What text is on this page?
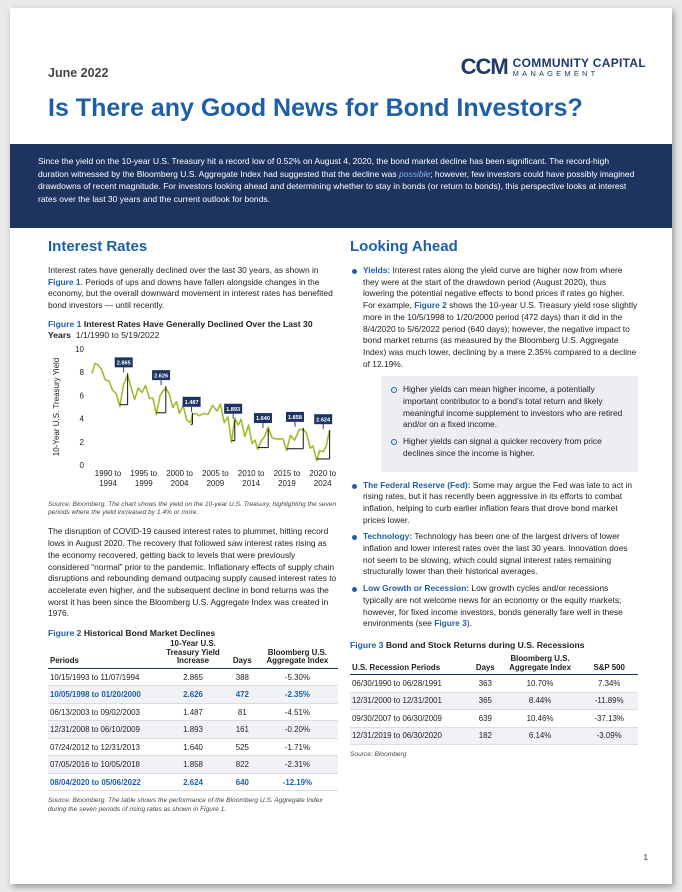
June 2022	CCM COMMUNITY CAPITAL
MANAGEMENT
Is There any Good News for Bond Investors?
Since the yield on the 10-year U.S. Treasury hit a record low of 0.52% on August 4, 2020, the bond market decline has been significant. The record-high duration witnessed by the Bloomberg U.S. Aggregate Index had suggested that the decline was possible; however, few investors could have possibly imagined drawdowns of recent magnitude. For investors looking ahead and determining whether to stay in bonds (or return to bonds), this perspective looks at interest rates over the last 30 years and the current outlook for bonds.
Interest Rates

Interest rates have generally declined over the last 30 years, as shown in Figure 1. Periods of ups and downs have fallen alongside changes in the economy, but the overall downward movement in interest rates has benefited bond investors — until recently.

Figure 1 Interest Rates Have Generally Declined Over the Last 30 Years 1/1/1990 to 5/19/2022
10-Year U.S. Treasury Yield
0
2
4
6
8
10
1990 to
1994
1995 to
1999
2000 to
2004
2005 to
2009
2010 to
2014
2015 to
2019
2020 to
2024
2.865
2.626
1.487
1.893
1.640	1.858	2.624
Source: Bloomberg. The chart shows the yield on the 10-year U.S. Treasury, highlighting the seven periods where the yield increased by 1.4% or more.

The disruption of COVID-19 caused interest rates to plummet, hitting record lows in August 2020. The recovery that followed saw interest rates rising as the economy recovered, getting back to levels that were previously considered “normal” prior to the pandemic. Inflationary effects of supply chain disruptions and rebounding demand outpacing supply caused interest rates to accelerate even higher, and the subsequent decline in bond returns was the worst it has been since the Bloomberg U.S. Aggregate Index was created in 1976.

Figure 2 Historical Bond Market Declines
Periods	10-Year U.S. Treasury Yield Increase	Days	Bloomberg U.S. Aggregate Index
10/15/1993 to 11/07/1994	2.865	388	-5.30%
10/05/1998 to 01/20/2000	2.626	472	-2.35%
06/13/2003 to 09/02/2003	1.487	81	-4.51%
12/31/2008 to 06/10/2009	1.893	161	-0.20%
07/24/2012 to 12/31/2013	1.640	525	-1.71%
07/05/2016 to 10/05/2018	1.858	822	-2.31%
08/04/2020 to 05/06/2022	2.624	640	-12.19%
Source: Bloomberg. The table shows the performance of the Bloomberg U.S. Aggregate Index during the seven periods of rising rates as shown in Figure 1.
Looking Ahead
Yields: Interest rates along the yield curve are higher now from where they were at the start of the drawdown period (August 2020), thus lowering the potential negative effects to bond prices if rates go higher. For example, Figure 2 shows the 10-year U.S. Treasury yield rose slightly more in the 10/5/1998 to 1/20/2000 period (472 days) than it did in the 8/4/2020 to 5/6/2022 period (640 days); however, the negative impact to bond market returns (as measured by the Bloomberg U.S. Aggregate Index) was much lower, declining by a mere 2.35% compared to a decline of 12.19%.
Higher yields can mean higher income, a potentially important contributor to a bond’s total return and likely meaningful income supplement to investors who are retired and/or on a fixed income.
Higher yields can signal a quicker recovery from price declines since the income is higher.
The Federal Reserve (Fed): Some may argue the Fed was late to act in rising rates, but it has recently been aggressive in its efforts to combat inflation, helping to curb earlier inflation fears that drove bond market prices lower.
Technology: Technology has been one of the largest drivers of lower inflation and lower interest rates over the last 30 years. Innovation does not seem to be slowing, which could signal interest rates remaining structurally lower than their historical averages.
Low Growth or Recession: Low growth cycles and/or recessions typically are not welcome news for an economy or the equity markets; however, for fixed income investors, bonds generally fare well in these environments (see Figure 3).
Figure 3 Bond and Stock Returns during U.S. Recessions
U.S. Recession Periods	Days	Bloomberg U.S. Aggregate Index	S&P 500
06/30/1990 to 06/28/1991	363	10.70%	7.34%
12/31/2000 to 12/31/2001	365	8.44%	-11.89%
09/30/2007 to 06/30/2009	639	10.46%	-37.13%
12/31/2019 to 06/30/2020	182	6.14%	-3.09%
Source: Bloomberg
1
